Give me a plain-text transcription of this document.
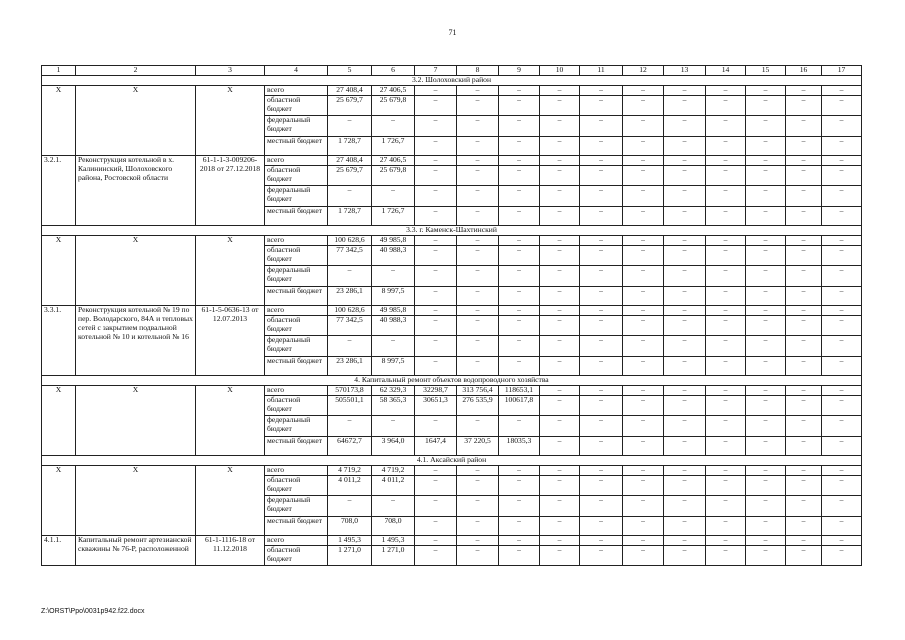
71
1	2	3	4	5	6	7	8	9	10	11	12	13	14	15	16	17
3.2. Шолоховский район																
Х	Х	Х	всего	27 408,4	27 406,5	–	–	–	–	–	–	–	–	–	–	–
			областной бюджет	25 679,7	25 679,8	–	–	–	–	–	–	–	–	–	–	–
			федеральный бюджет	–	–	–	–	–	–	–	–	–	–	–	–	–
			местный бюджет	1 728,7	1 726,7	–	–	–	–	–	–	–	–	–	–	–
3.2.1.	Реконструкция котельной в х. Калининский, Шолоховского района, Ростовской области	61-1-1-3-009206-2018 от 27.12.2018	всего	27 408,4	27 406,5	–	–	–	–	–	–	–	–	–	–	–
			областной бюджет	25 679,7	25 679,8	–	–	–	–	–	–	–	–	–	–	–
			федеральный бюджет	–	–	–	–	–	–	–	–	–	–	–	–	–
			местный бюджет	1 728,7	1 726,7	–	–	–	–	–	–	–	–	–	–	–
3.3. г. Каменск-Шахтинский																
Х	Х	Х	всего	100 628,6	49 985,8	–	–	–	–	–	–	–	–	–	–	–
			областной бюджет	77 342,5	40 988,3	–	–	–	–	–	–	–	–	–	–	–
			федеральный бюджет	–	–	–	–	–	–	–	–	–	–	–	–	–
			местный бюджет	23 286,1	8 997,5	–	–	–	–	–	–	–	–	–	–	–
3.3.1.	Реконструкция котельной № 19 по пер. Володарского, 84А и тепловых сетей с закрытием подвальной котельной № 10 и котельной № 16	61-1-5-0636-13 от 12.07.2013	всего	100 628,6	49 985,8	–	–	–	–	–	–	–	–	–	–	–
			областной бюджет	77 342,5	40 988,3	–	–	–	–	–	–	–	–	–	–	–
			федеральный бюджет	–	–	–	–	–	–	–	–	–	–	–	–	–
			местный бюджет	23 286,1	8 997,5	–	–	–	–	–	–	–	–	–	–	–
4. Капитальный ремонт объектов водопроводного хозяйства																
Х	Х	Х	всего	570173,8	62 329,3	32298,7	313 756,4	118653,1	–	–	–	–	–	–	–	–
			областной бюджет	505501,1	58 365,3	30651,3	276 535,9	100617,8	–	–	–	–	–	–	–	–
			федеральный бюджет	–	–	–	–	–	–	–	–	–	–	–	–	–
			местный бюджет	64672,7	3 964,0	1647,4	37 220,5	18035,3	–	–	–	–	–	–	–	–
4.1. Аксайский район																
Х	Х	Х	всего	4 719,2	4 719,2	–	–	–	–	–	–	–	–	–	–	–
			областной бюджет	4 011,2	4 011,2	–	–	–	–	–	–	–	–	–	–	–
			федеральный бюджет	–	–	–	–	–	–	–	–	–	–	–	–	–
			местный бюджет	708,0	708,0	–	–	–	–	–	–	–	–	–	–	–
4.1.1.	Капитальный ремонт артезианской скважины № 76-Р, расположенной	61-1-1116-18 от 11.12.2018	всего	1 495,3	1 495,3	–	–	–	–	–	–	–	–	–	–	–
			областной бюджет	1 271,0	1 271,0	–	–	–	–	–	–	–	–	–	–	–
Z:\ORST\Ppo\0031p942.f22.docx
